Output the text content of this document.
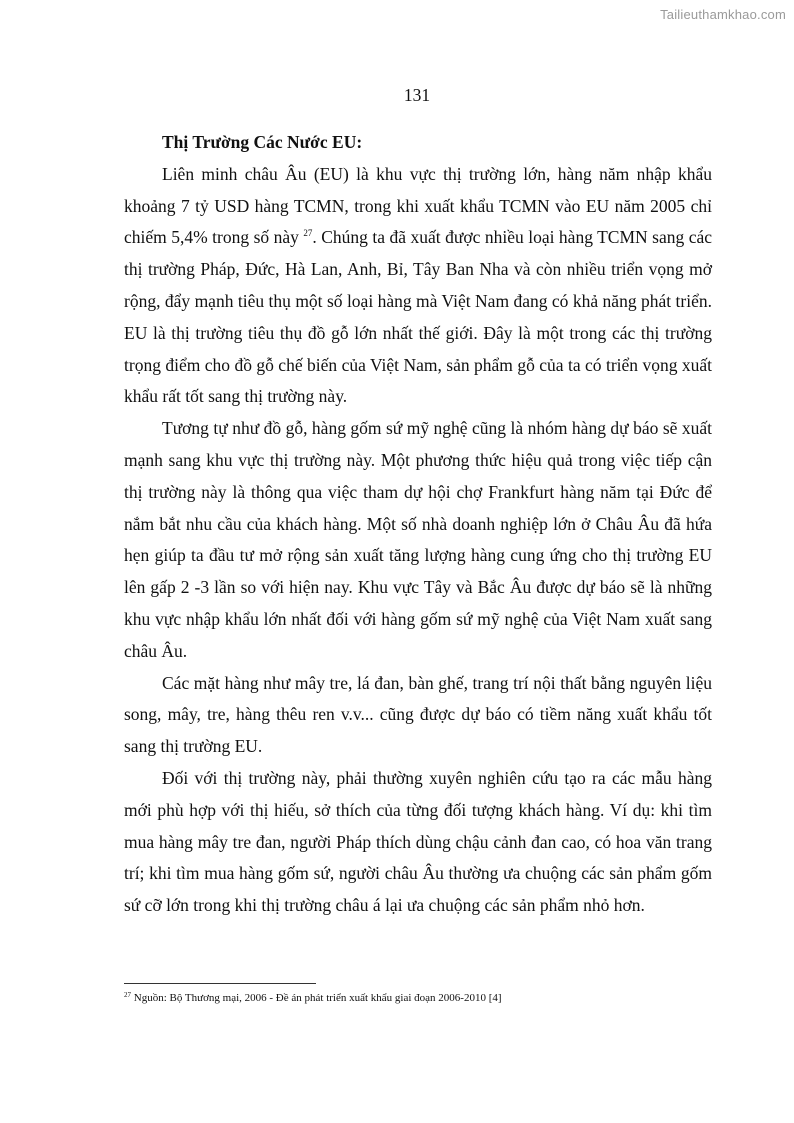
Tailieuthamkhao.com
131
Thị Trường Các Nước EU:

Liên minh châu Âu (EU) là khu vực thị trường lớn, hàng năm nhập khẩu khoảng 7 tỷ USD hàng TCMN, trong khi xuất khẩu TCMN vào EU năm 2005 chỉ chiếm 5,4% trong số này $^{27}$. Chúng ta đã xuất được nhiều loại hàng TCMN sang các thị trường Pháp, Đức, Hà Lan, Anh, Bỉ, Tây Ban Nha và còn nhiều triển vọng mở rộng, đẩy mạnh tiêu thụ một số loại hàng mà Việt Nam đang có khả năng phát triển. EU là thị trường tiêu thụ đồ gỗ lớn nhất thế giới. Đây là một trong các thị trường trọng điểm cho đồ gỗ chế biến của Việt Nam, sản phẩm gỗ của ta có triển vọng xuất khẩu rất tốt sang thị trường này.

Tương tự như đồ gỗ, hàng gốm sứ mỹ nghệ cũng là nhóm hàng dự báo sẽ xuất mạnh sang khu vực thị trường này. Một phương thức hiệu quả trong việc tiếp cận thị trường này là thông qua việc tham dự hội chợ Frankfurt hàng năm tại Đức để nắm bắt nhu cầu của khách hàng. Một số nhà doanh nghiệp lớn ở Châu Âu đã hứa hẹn giúp ta đầu tư mở rộng sản xuất tăng lượng hàng cung ứng cho thị trường EU lên gấp 2 -3 lần so với hiện nay. Khu vực Tây và Bắc Âu được dự báo sẽ là những khu vực nhập khẩu lớn nhất đối với hàng gốm sứ mỹ nghệ của Việt Nam xuất sang châu Âu.

Các mặt hàng như mây tre, lá đan, bàn ghế, trang trí nội thất bằng nguyên liệu song, mây, tre, hàng thêu ren v.v... cũng được dự báo có tiềm năng xuất khẩu tốt sang thị trường EU.

Đối với thị trường này, phải thường xuyên nghiên cứu tạo ra các mẫu hàng mới phù hợp với thị hiếu, sở thích của từng đối tượng khách hàng. Ví dụ: khi tìm mua hàng mây tre đan, người Pháp thích dùng chậu cảnh đan cao, có hoa văn trang trí; khi tìm mua hàng gốm sứ, người châu Âu thường ưa chuộng các sản phẩm gốm sứ cỡ lớn trong khi thị trường châu á lại ưa chuộng các sản phẩm nhỏ hơn.

$^{27}$ Nguồn: Bộ Thương mại, 2006 - Đề án phát triển xuất khẩu giai đoạn 2006-2010 [4]
